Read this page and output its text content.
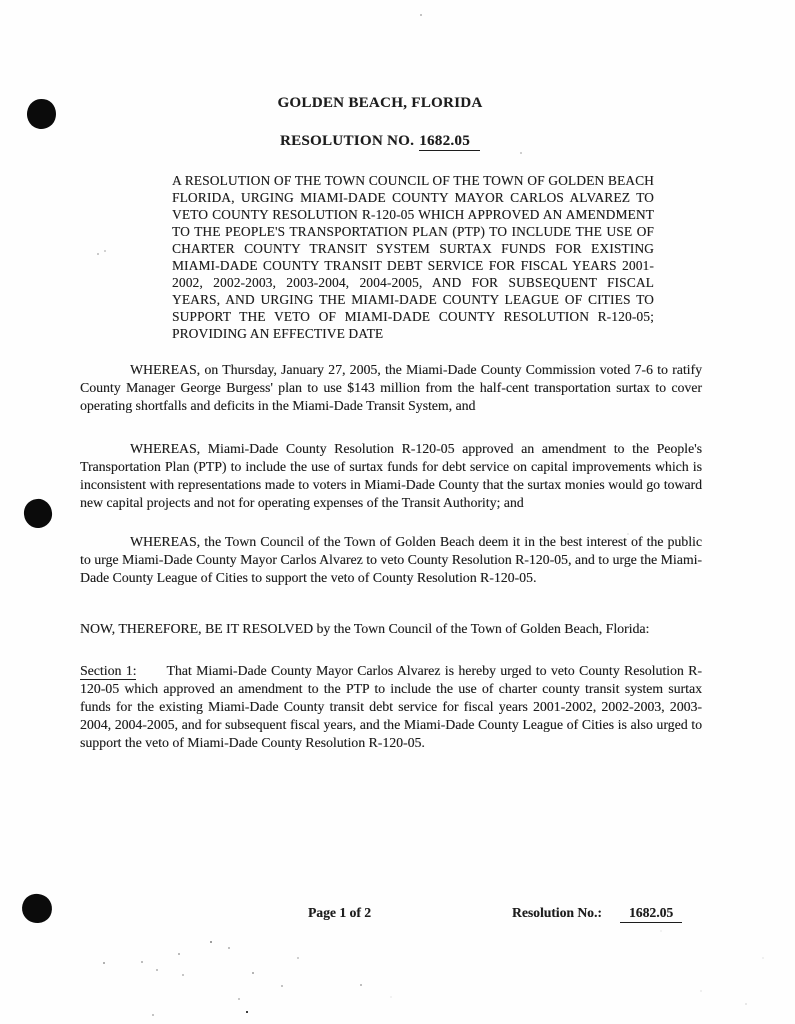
GOLDEN BEACH, FLORIDA
RESOLUTION NO. 1682.05
A RESOLUTION OF THE TOWN COUNCIL OF THE TOWN OF GOLDEN BEACH FLORIDA, URGING MIAMI-DADE COUNTY MAYOR CARLOS ALVAREZ TO VETO COUNTY RESOLUTION R-120-05 WHICH APPROVED AN AMENDMENT TO THE PEOPLE'S TRANSPORTATION PLAN (PTP) TO INCLUDE THE USE OF CHARTER COUNTY TRANSIT SYSTEM SURTAX FUNDS FOR EXISTING MIAMI-DADE COUNTY TRANSIT DEBT SERVICE FOR FISCAL YEARS 2001-2002, 2002-2003, 2003-2004, 2004-2005, AND FOR SUBSEQUENT FISCAL YEARS, AND URGING THE MIAMI-DADE COUNTY LEAGUE OF CITIES TO SUPPORT THE VETO OF MIAMI-DADE COUNTY RESOLUTION R-120-05; PROVIDING AN EFFECTIVE DATE

WHEREAS, on Thursday, January 27, 2005, the Miami-Dade County Commission voted 7-6 to ratify County Manager George Burgess' plan to use $143 million from the half-cent transportation surtax to cover operating shortfalls and deficits in the Miami-Dade Transit System, and

WHEREAS, Miami-Dade County Resolution R-120-05 approved an amendment to the People's Transportation Plan (PTP) to include the use of surtax funds for debt service on capital improvements which is inconsistent with representations made to voters in Miami-Dade County that the surtax monies would go toward new capital projects and not for operating expenses of the Transit Authority; and

WHEREAS, the Town Council of the Town of Golden Beach deem it in the best interest of the public to urge Miami-Dade County Mayor Carlos Alvarez to veto County Resolution R-120-05, and to urge the Miami-Dade County League of Cities to support the veto of County Resolution R-120-05.

NOW, THEREFORE, BE IT RESOLVED by the Town Council of the Town of Golden Beach, Florida:

Section 1: That Miami-Dade County Mayor Carlos Alvarez is hereby urged to veto County Resolution R-120-05 which approved an amendment to the PTP to include the use of charter county transit system surtax funds for the existing Miami-Dade County transit debt service for fiscal years 2001-2002, 2002-2003, 2003-2004, 2004-2005, and for subsequent fiscal years, and the Miami-Dade County League of Cities is also urged to support the veto of Miami-Dade County Resolution R-120-05.

Page 1 of 2	Resolution No.:	1682.05
